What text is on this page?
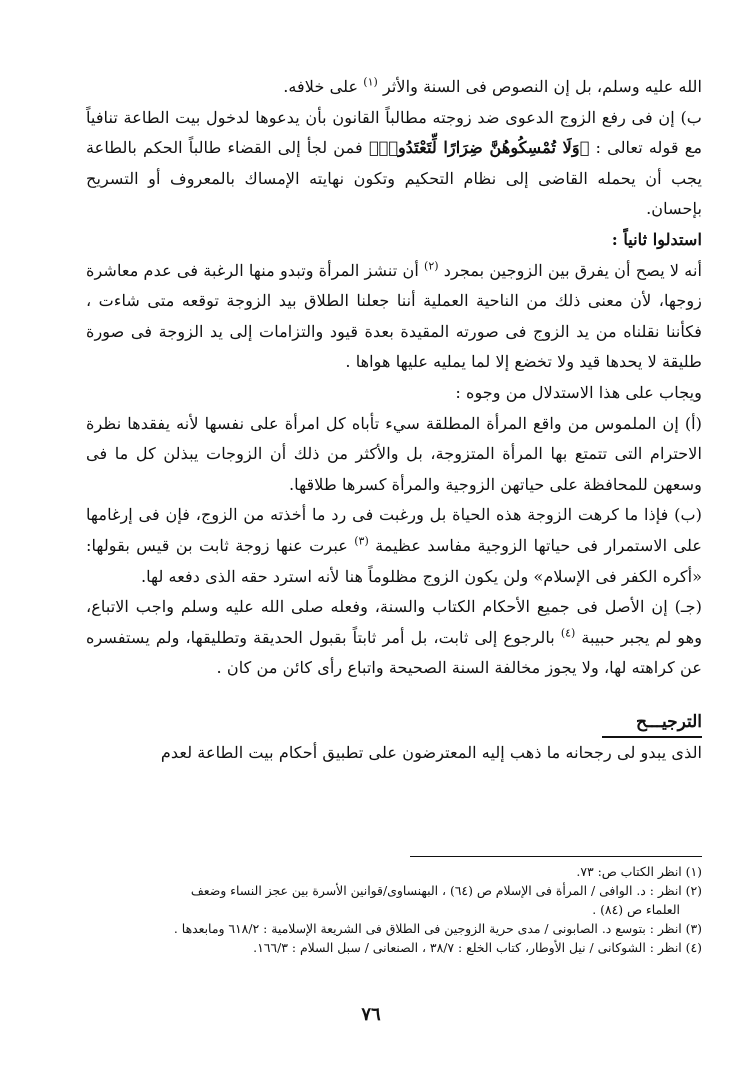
الله عليه وسلم، بل إن النصوص فى السنة والأثر $^{(١)}$ على خلافه.

ب) إن فى رفع الزوج الدعوى ضد زوجته مطالباً القانون بأن يدعوها لدخول بيت الطاعة تنافياً مع قوله تعالى : ﴿وَلَا تُمْسِكُوهُنَّ ضِرَارًا لِّتَعْتَدُوا۟﴾ فمن لجأ إلى القضاء طالباً الحكم بالطاعة يجب أن يحمله القاضى إلى نظام التحكيم وتكون نهايته الإمساك بالمعروف أو التسريح بإحسان.

استدلوا ثانياً :

أنه لا يصح أن يفرق بين الزوجين بمجرد $^{(٢)}$ أن تنشز المرأة وتبدو منها الرغبة فى عدم معاشرة زوجها، لأن معنى ذلك من الناحية العملية أننا جعلنا الطلاق بيد الزوجة توقعه متى شاءت ، فكأننا نقلناه من يد الزوج فى صورته المقيدة بعدة قيود والتزامات إلى يد الزوجة فى صورة طليقة لا يحدها قيد ولا تخضع إلا لما يمليه عليها هواها .

ويجاب على هذا الاستدلال من وجوه :

(أ) إن الملموس من واقع المرأة المطلقة سيء تأباه كل امرأة على نفسها لأنه يفقدها نظرة الاحترام التى تتمتع بها المرأة المتزوجة، بل والأكثر من ذلك أن الزوجات يبذلن كل ما فى وسعهن للمحافظة على حياتهن الزوجية والمرأة كسرها طلاقها.

(ب) فإذا ما كرهت الزوجة هذه الحياة بل ورغبت فى رد ما أخذته من الزوج، فإن فى إرغامها على الاستمرار فى حياتها الزوجية مفاسد عظيمة $^{(٣)}$ عبرت عنها زوجة ثابت بن قيس بقولها: «أكره الكفر فى الإسلام» ولن يكون الزوج مظلوماً هنا لأنه استرد حقه الذى دفعه لها.

(جـ) إن الأصل فى جميع الأحكام الكتاب والسنة، وفعله صلى الله عليه وسلم واجب الاتباع، وهو لم يجبر حبيبة $^{(٤)}$ بالرجوع إلى ثابت، بل أمر ثابتاً بقبول الحديقة وتطليقها، ولم يستفسره عن كراهته لها، ولا يجوز مخالفة السنة الصحيحة واتباع رأى كائن من كان .

الترجيـــح

الذى يبدو لى رجحانه ما ذهب إليه المعترضون على تطبيق أحكام بيت الطاعة لعدم

(١) انظر الكتاب ص: ٧٣.

(٢) انظر : د. الوافى / المرأة فى الإسلام ص (٦٤) ، البهنساوى/قوانين الأسرة بين عجز النساء وضعف

العلماء ص (٨٤) .

(٣) انظر : بتوسع د. الصابونى / مدى حرية الزوجين فى الطلاق فى الشريعة الإسلامية : ٦١٨/٢ ومابعدها .

(٤) انظر : الشوكانى / نيل الأوطار، كتاب الخلع : ٣٨/٧ ، الصنعانى / سبل السلام : ١٦٦/٣.

٧٦
